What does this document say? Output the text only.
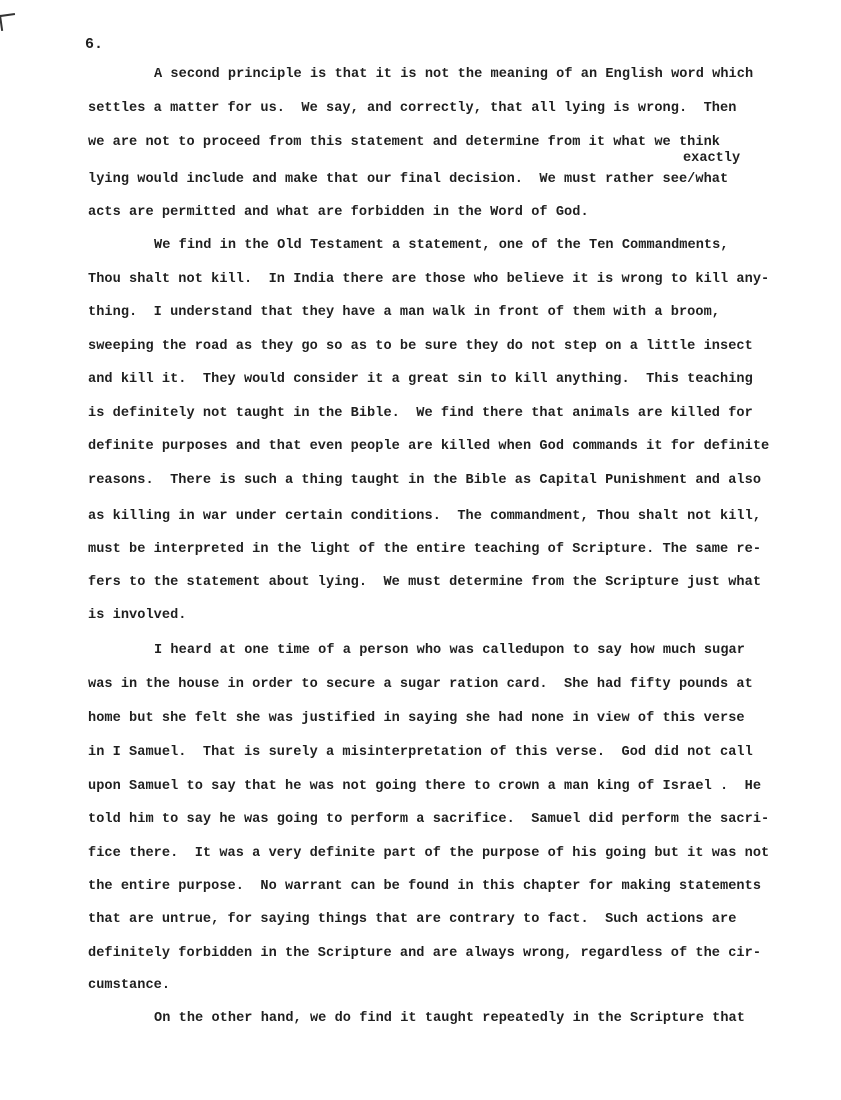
6.
exactly
A second principle is that it is not the meaning of an English word which
settles a matter for us.  We say, and correctly, that all lying is wrong.  Then
we are not to proceed from this statement and determine from it what we think
lying would include and make that our final decision.  We must rather see/what
acts are permitted and what are forbidden in the Word of God.
We find in the Old Testament a statement, one of the Ten Commandments,
Thou shalt not kill.  In India there are those who believe it is wrong to kill any-
thing.  I understand that they have a man walk in front of them with a broom,
sweeping the road as they go so as to be sure they do not step on a little insect
and kill it.  They would consider it a great sin to kill anything.  This teaching
is definitely not taught in the Bible.  We find there that animals are killed for
definite purposes and that even people are killed when God commands it for definite
reasons.  There is such a thing taught in the Bible as Capital Punishment and also
as killing in war under certain conditions.  The commandment, Thou shalt not kill,
must be interpreted in the light of the entire teaching of Scripture. The same re-
fers to the statement about lying.  We must determine from the Scripture just what
is involved.
I heard at one time of a person who was calledupon to say how much sugar
was in the house in order to secure a sugar ration card.  She had fifty pounds at
home but she felt she was justified in saying she had none in view of this verse
in I Samuel.  That is surely a misinterpretation of this verse.  God did not call
upon Samuel to say that he was not going there to crown a man king of Israel .  He
told him to say he was going to perform a sacrifice.  Samuel did perform the sacri-
fice there.  It was a very definite part of the purpose of his going but it was not
the entire purpose.  No warrant can be found in this chapter for making statements
that are untrue, for saying things that are contrary to fact.  Such actions are
definitely forbidden in the Scripture and are always wrong, regardless of the cir-
cumstance.
On the other hand, we do find it taught repeatedly in the Scripture that
